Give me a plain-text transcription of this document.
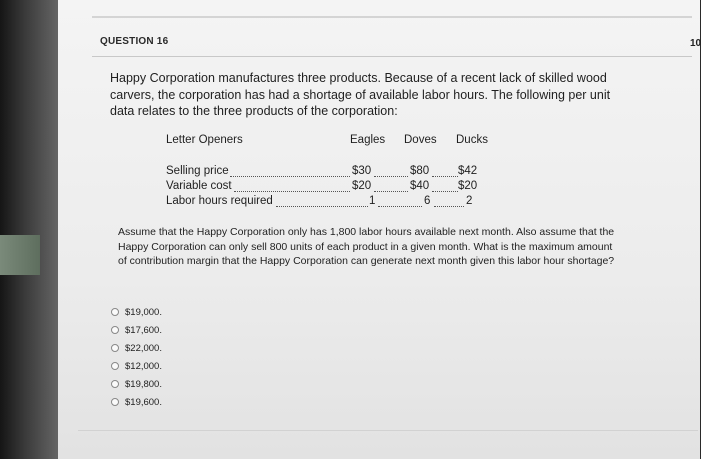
QUESTION 16	10
Happy Corporation manufactures three products. Because of a recent lack of skilled wood carvers, the corporation has had a shortage of available labor hours. The following per unit data relates to the three products of the corporation:
Letter Openers	Eagles Doves Ducks
Selling price	$30	$80	$42
Variable cost	$20	$40	$20
Labor hours required	1	6	2
Assume that the Happy Corporation only has 1,800 labor hours available next month. Also assume that the Happy Corporation can only sell 800 units of each product in a given month. What is the maximum amount of contribution margin that the Happy Corporation can generate next month given this labor hour shortage?
$19,000.
$17,600.
$22,000.
$12,000.
$19,800.
$19,600.
